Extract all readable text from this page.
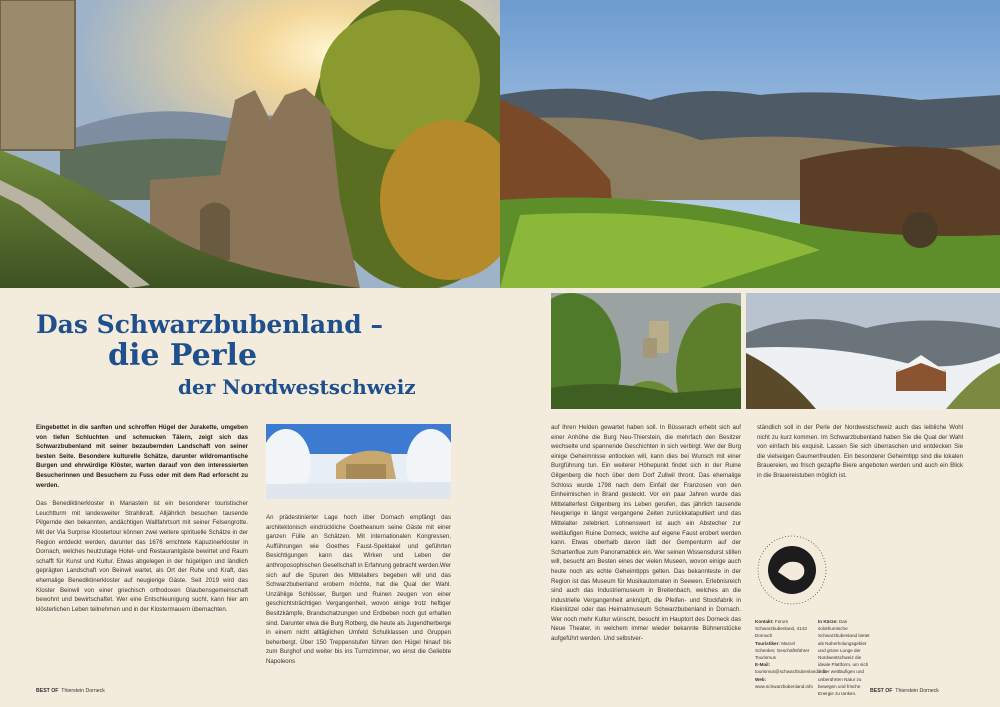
Das Schwarzbubenland –
die Perle
der Nordwestschweiz

Eingebettet in die sanften und schroffen Hügel der Jurakette, umgeben von tiefen Schluchten und schmucken Tälern, zeigt sich das Schwarzbubenland mit seiner bezaubernden Landschaft von seiner besten Seite. Besondere kulturelle Schätze, darunter wildromantische Burgen und ehrwürdige Klöster, warten darauf von den interessierten Besucherinnen und Besuchern zu Fuss oder mit dem Rad erforscht zu werden.

Das Benediktinerkloster in Mariastein ist ein besonderer touristischer Leuchtturm mit landesweiter Strahlkraft. Alljährlich besuchen tausende Pilgernde den bekannten, andächtigen Wallfahrtsort mit seiner Felsengrotte. Mit der Via Surprise Klostertour können zwei weitere spirituelle Schätze in der Region entdeckt werden, darunter das 1676 errichtete Kapuzinerkloster in Dornach, welches heutzutage Hotel- und Restaurantgäste bewirtet und Raum schafft für Kunst und Kultur. Etwas abgelegen in der hügeligen und ländlich geprägten Landschaft von Beinwil wartet, als Ort der Ruhe und Kraft, das ehemalige Benediktinerkloster auf neugierige Gäste. Seit 2019 wird das Kloster Beinwil von einer griechisch orthodoxen Glaubensgemeinschaft bewohnt und bewirtschaftet. Wer eine Entschleunigung sucht, kann hier am klösterlichen Leben teilnehmen und in der Klostermauern übernachten.

An prädestinierter Lage hoch über Dornach empfängt das architektonisch eindrückliche Goetheanum seine Gäste mit einer ganzen Fülle an Schätzen. Mit internationalen Kongressen, Aufführungen wie Goethes Faust-Spektakel und geführten Besichtigungen kann das Wirken und Leben der anthroposophischen Gesellschaft in Erfahrung gebracht werden.Wer sich auf die Spuren des Mittelalters begeben will und das Schwarzbubenland erobern möchte, hat die Qual der Wahl. Unzählige Schlösser, Burgen und Ruinen zeugen von einer geschichtsträchtigen Vergangenheit, wovon einige trotz heftiger Besitzkämpfe, Brandschatzungen und Erdbeben noch gut erhalten sind. Darunter etwa die Burg Rotberg, die heute als Jugendherberge in einem nicht alltäglichen Umfeld Schulklassen und Gruppen beherbergt. Über 150 Treppenstufen führen den Hügel hinauf bis zum Burghof und weiter bis ins Turmzimmer, wo einst die Geliebte Napoleons

auf Ihren Helden gewartet haben soll. In Büsserach erhebt sich auf einer Anhöhe die Burg Neu-Thierstein, die mehrfach den Besitzer wechselte und spannende Geschichten in sich verbirgt. Wer der Burg einige Geheimnisse entlocken will, kann dies bei Wunsch mit einer Burgführung tun. Ein weiterer Höhepunkt findet sich in der Ruine Gilgenberg die hoch über dem Dorf Zullwil thront. Das ehemalige Schloss wurde 1798 nach dem Einfall der Franzosen von den Einheimischen in Brand gesteckt. Vor ein paar Jahren wurde das Mittelalterfest Gilgenberg ins Leben gerufen, das jährlich tausende Neugierige in längst vergangene Zeiten zurückkatapultiert und das Mittelalter zelebriert. Lohnenswert ist auch ein Abstecher zur weitläufigen Ruine Dorneck, welche auf eigene Faust erobert werden kann. Etwas oberhalb davon lädt der Gempenturm auf der Schartenflue zum Panoramablick ein. Wer seinen Wissensdurst stillen will, besucht am Besten eines der vielen Museen, wovon einige auch heute noch als echte Geheimtipps gelten. Das bekannteste in der Region ist das Museum für Musikautomaten in Seewen. Erlebnisreich sind auch das Industriemuseum in Breitenbach, welches an die industrielle Vergangenheit anknüpft, die Pfeifen- und Stockfabrik in Kleinlützel oder das Heimatmuseum Schwarzbubenland in Dornach. Wer noch mehr Kultur wünscht, besucht im Hauptort des Dorneck das Neue Theater, in welchem immer wieder bekannte Bühnenstücke aufgeführt werden. Und selbstver-

ständlich soll in der Perle der Nordwestschweiz auch das leibliche Wohl nicht zu kurz kommen. Im Schwarzbubenland haben Sie die Qual der Wahl von einfach bis exquisit. Lassen Sie sich überraschen und entdecken Sie die vielseigen Gaumenfreuden. Ein besonderer Geheimtipp sind die lokalen Brauereien, wo frisch gezapfte Biere angeboten werden und auch ein Blick in die Brauereistuben möglich ist.

Kontakt: Forum Schwarzbubenland, 4143 Dornach
Touristiker: Marcel Schenker, Geschäftsführer Tourismus
E-Mail: tourismus@schwarzbubenland.info
Web: www.schwarzbubenland.info
In Kürze: Das solothurnische Schwarzbubenland bietet als Naherholungsgebiet und grüne Lunge der Nordwestschweiz die ideale Plattform, um sich in der weitläufigen und unberührten Natur zu bewegen und frische Energie zu tanken.
BEST OF Thierstein Dorneck	BEST OF Thierstein Dorneck
